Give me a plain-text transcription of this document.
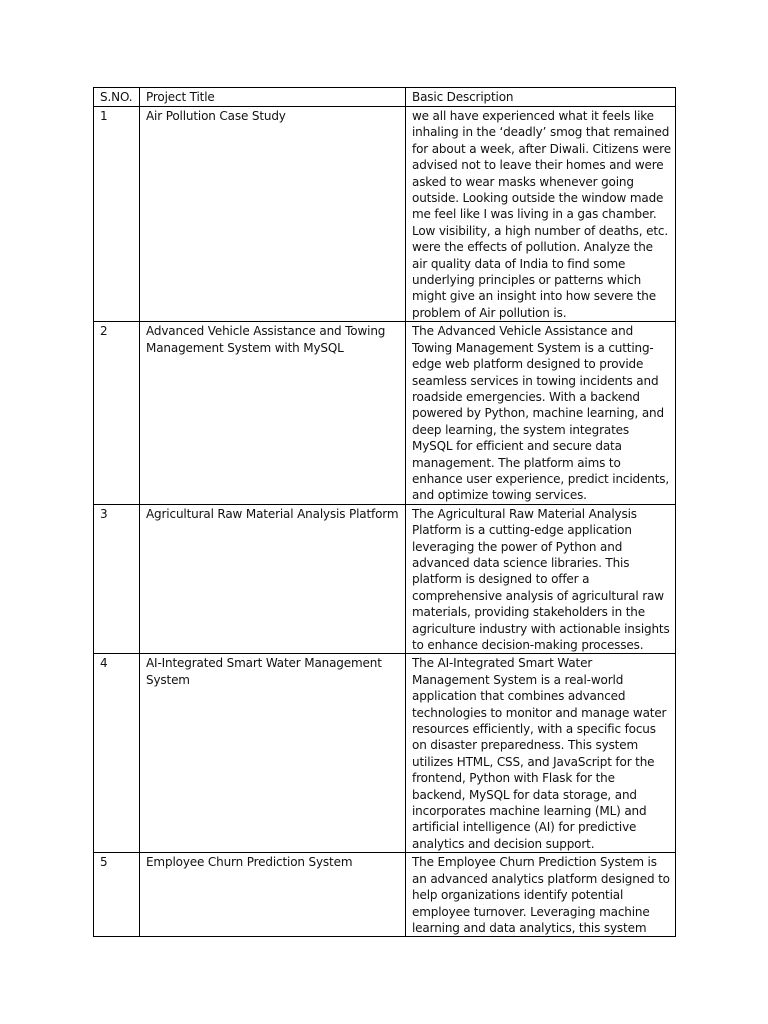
S.NO.	Project Title	Basic Description
1	Air Pollution Case Study	we all have experienced what it feels like inhaling in the ‘deadly’ smog that remained for about a week, after Diwali. Citizens were advised not to leave their homes and were asked to wear masks whenever going outside. Looking outside the window made me feel like I was living in a gas chamber. Low visibility, a high number of deaths, etc. were the effects of pollution. Analyze the air quality data of India to find some underlying principles or patterns which might give an insight into how severe the problem of Air pollution is.
2	Advanced Vehicle Assistance and Towing Management System with MySQL	The Advanced Vehicle Assistance and Towing Management System is a cutting-edge web platform designed to provide seamless services in towing incidents and roadside emergencies. With a backend powered by Python, machine learning, and deep learning, the system integrates MySQL for efficient and secure data management. The platform aims to enhance user experience, predict incidents, and optimize towing services.
3	Agricultural Raw Material Analysis Platform	The Agricultural Raw Material Analysis Platform is a cutting-edge application leveraging the power of Python and advanced data science libraries. This platform is designed to offer a comprehensive analysis of agricultural raw materials, providing stakeholders in the agriculture industry with actionable insights to enhance decision-making processes.
4	AI-Integrated Smart Water Management System	The AI-Integrated Smart Water Management System is a real-world application that combines advanced technologies to monitor and manage water resources efficiently, with a specific focus on disaster preparedness. This system utilizes HTML, CSS, and JavaScript for the frontend, Python with Flask for the backend, MySQL for data storage, and incorporates machine learning (ML) and artificial intelligence (AI) for predictive analytics and decision support.
5	Employee Churn Prediction System	The Employee Churn Prediction System is an advanced analytics platform designed to help organizations identify potential employee turnover. Leveraging machine learning and data analytics, this system
